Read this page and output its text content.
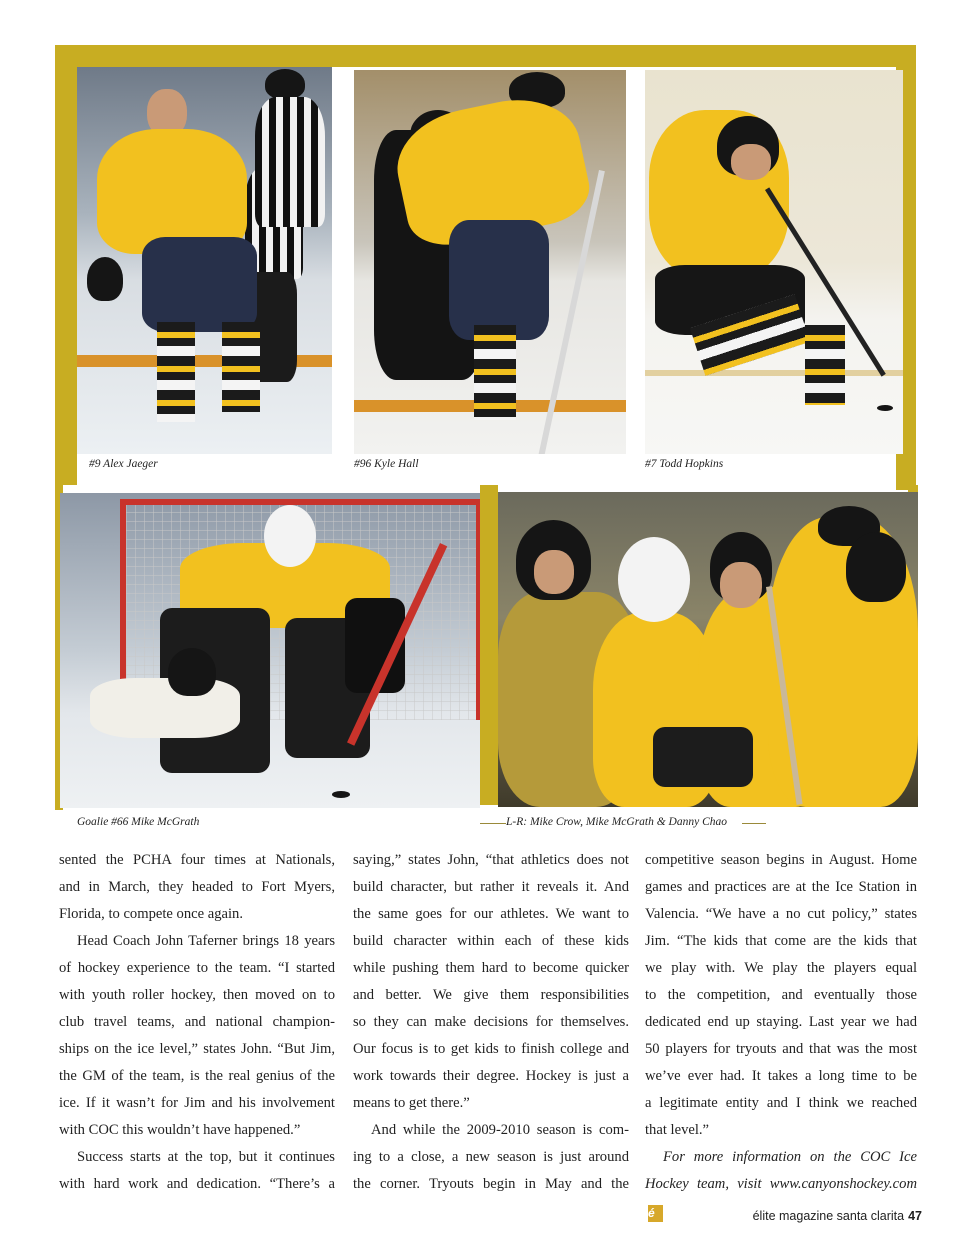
#9 Alex Jaeger	#96 Kyle Hall	#7 Todd Hopkins
Goalie #66 Mike McGrath	L-R: Mike Crow, Mike McGrath & Danny Chao

sented the PCHA four times at Nationals,

and in March, they headed to Fort Myers,

Florida, to compete once again.

Head Coach John Taferner brings 18 years

of hockey experience to the team. “I started

with youth roller hockey, then moved on to

club travel teams, and national champion-

ships on the ice level,” states John. “But Jim,

the GM of the team, is the real genius of the

ice. If it wasn’t for Jim and his involvement

with COC this wouldn’t have happened.”

Success starts at the top, but it continues

with hard work and dedication. “There’s a

saying,” states John, “that athletics does not

build character, but rather it reveals it. And

the same goes for our athletes. We want to

build character within each of these kids

while pushing them hard to become quicker

and better. We give them responsibilities

so they can make decisions for themselves.

Our focus is to get kids to finish college and

work towards their degree. Hockey is just a

means to get there.”

And while the 2009-2010 season is com-

ing to a close, a new season is just around

the corner. Tryouts begin in May and the

competitive season begins in August. Home

games and practices are at the Ice Station in

Valencia. “We have a no cut policy,” states

Jim. “The kids that come are the kids that

we play with. We play the players equal

to the competition, and eventually those

dedicated end up staying. Last year we had

50 players for tryouts and that was the most

we’ve ever had. It takes a long time to be

a legitimate entity and I think we reached

that level.”

For more information on the COC Ice

Hockey team, visit www.canyonshockey.comé	élite magazine santa clarita 47
